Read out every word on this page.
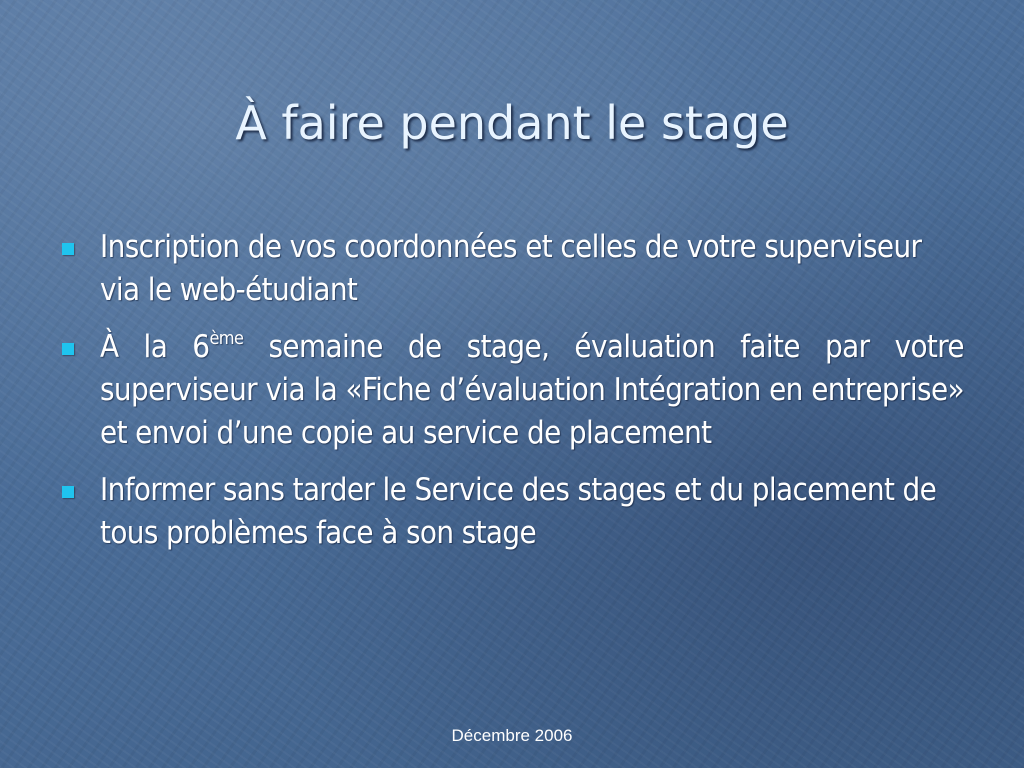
À faire pendant le stage
Inscription de vos coordonnées et celles de votre superviseur via le web-étudiant
À la 6ème semaine de stage, évaluation faite par votre superviseur via la «Fiche d’évaluation Intégration en entreprise» et envoi d’une copie au service de placement
Informer sans tarder le Service des stages et du placement de tous problèmes face à son stage
Décembre 2006
